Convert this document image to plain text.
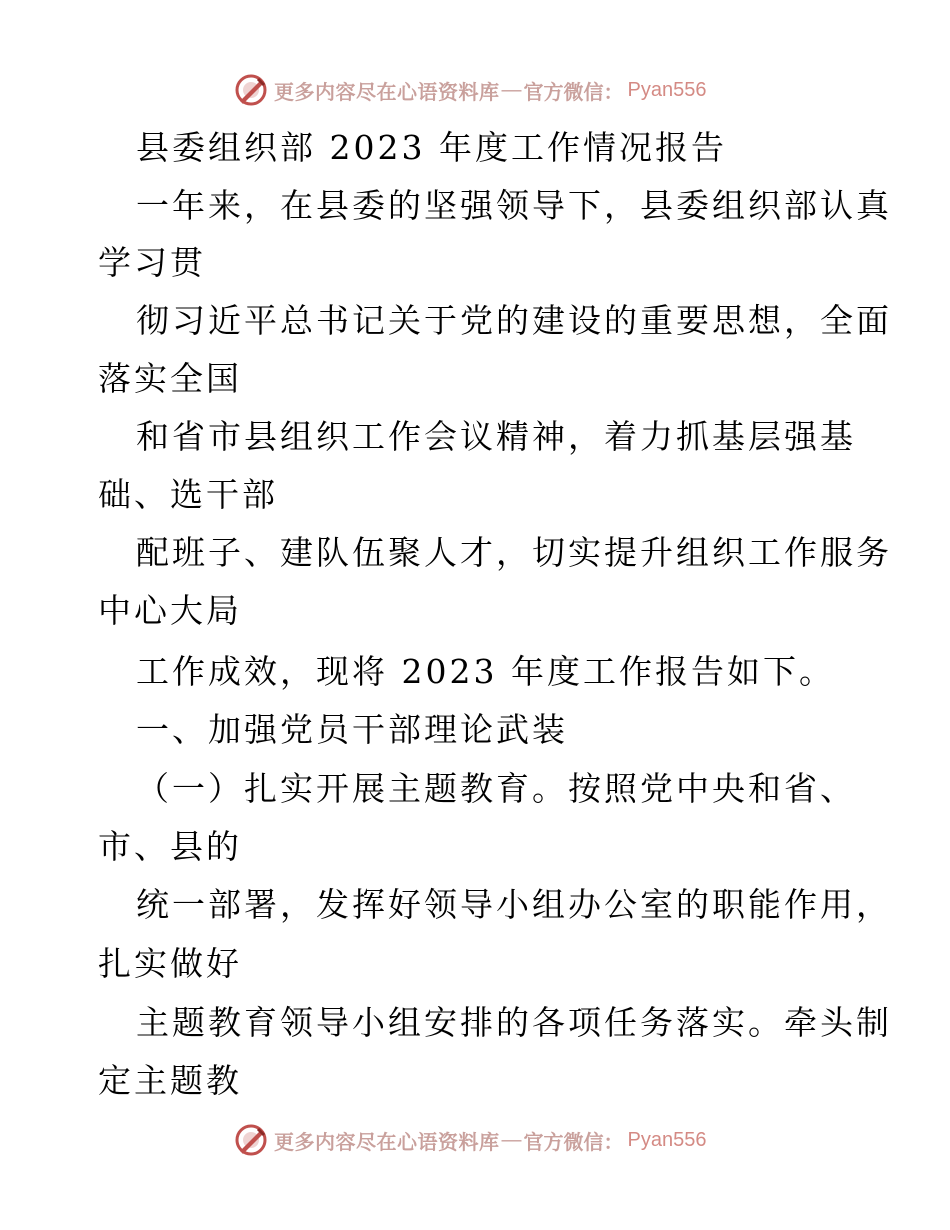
更多内容尽在心语资料库 — 官方微信： Pyan556
县委组织部 2023 年度工作情况报告
一年来，在县委的坚强领导下，县委组织部认真
学习贯
彻习近平总书记关于党的建设的重要思想，全面
落实全国
和省市县组织工作会议精神，着力抓基层强基
础、选干部
配班子、建队伍聚人才，切实提升组织工作服务
中心大局
工作成效，现将 2023 年度工作报告如下。
一、加强党员干部理论武装
（一）扎实开展主题教育。按照党中央和省、
市、县的
统一部署，发挥好领导小组办公室的职能作用，
扎实做好
主题教育领导小组安排的各项任务落实。牵头制
定主题教
更多内容尽在心语资料库 — 官方微信： Pyan556
